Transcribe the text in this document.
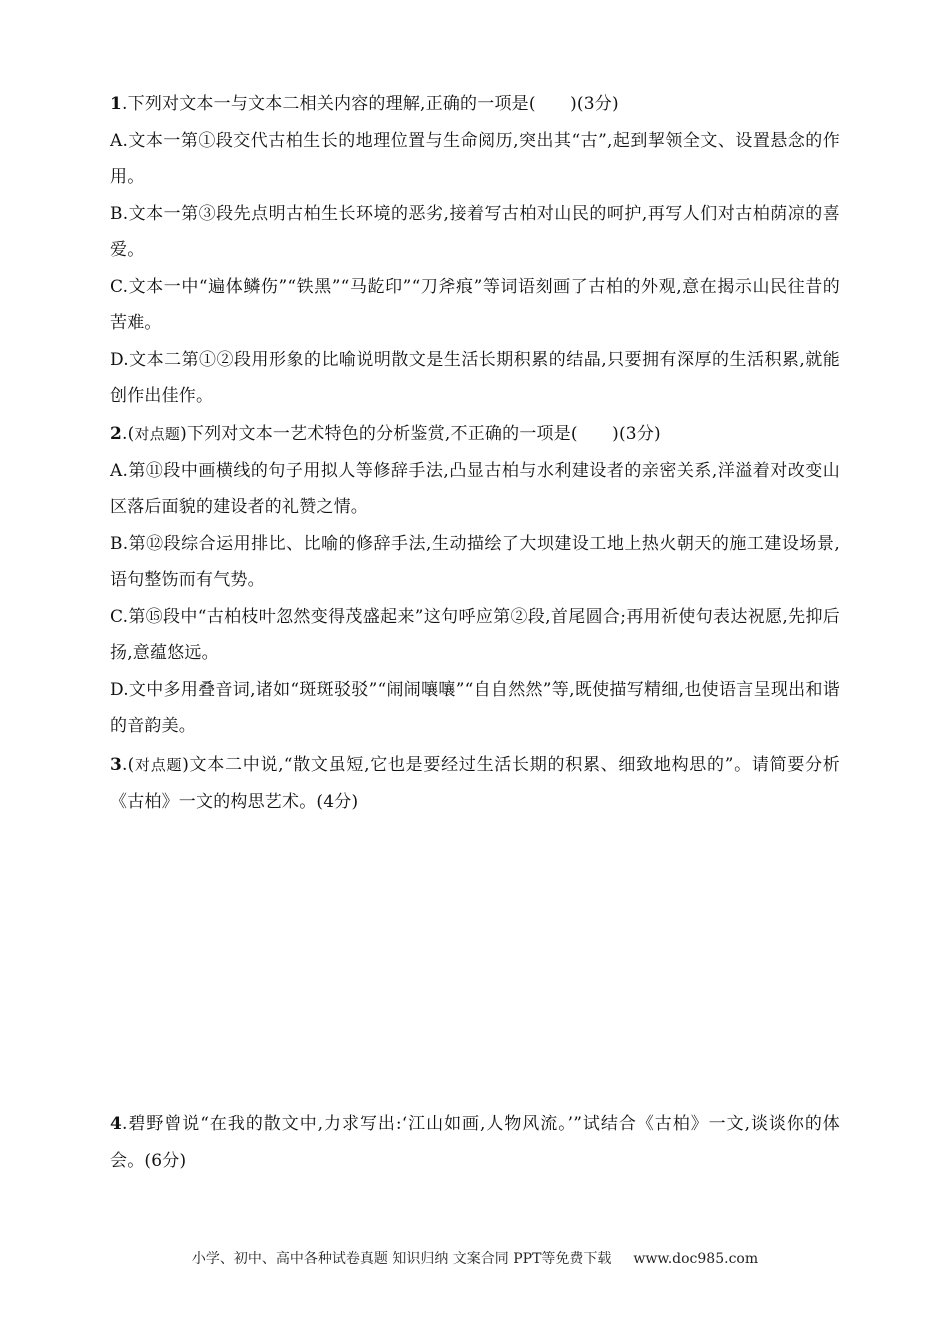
1.下列对文本一与文本二相关内容的理解,正确的一项是(　　)(3分)

A.文本一第①段交代古柏生长的地理位置与生命阅历,突出其“古”,起到挈领全文、设置悬念的作用。

B.文本一第③段先点明古柏生长环境的恶劣,接着写古柏对山民的呵护,再写人们对古柏荫凉的喜爱。

C.文本一中“遍体鳞伤”“铁黑”“马龁印”“刀斧痕”等词语刻画了古柏的外观,意在揭示山民往昔的苦难。

D.文本二第①②段用形象的比喻说明散文是生活长期积累的结晶,只要拥有深厚的生活积累,就能创作出佳作。

2.(对点题)下列对文本一艺术特色的分析鉴赏,不正确的一项是(　　)(3分)

A.第⑪段中画横线的句子用拟人等修辞手法,凸显古柏与水利建设者的亲密关系,洋溢着对改变山区落后面貌的建设者的礼赞之情。

B.第⑫段综合运用排比、比喻的修辞手法,生动描绘了大坝建设工地上热火朝天的施工建设场景,语句整饬而有气势。

C.第⑮段中“古柏枝叶忽然变得茂盛起来”这句呼应第②段,首尾圆合;再用祈使句表达祝愿,先抑后扬,意蕴悠远。

D.文中多用叠音词,诸如“斑斑驳驳”“闹闹嚷嚷”“自自然然”等,既使描写精细,也使语言呈现出和谐的音韵美。

3.(对点题)文本二中说,“散文虽短,它也是要经过生活长期的积累、细致地构思的”。请简要分析《古柏》一文的构思艺术。(4分)

4.碧野曾说“在我的散文中,力求写出:‘江山如画,人物风流。’”试结合《古柏》一文,谈谈你的体会。(6分)

小学、初中、高中各种试卷真题 知识归纳 文案合同 PPT等免费下载 www.doc985.com
